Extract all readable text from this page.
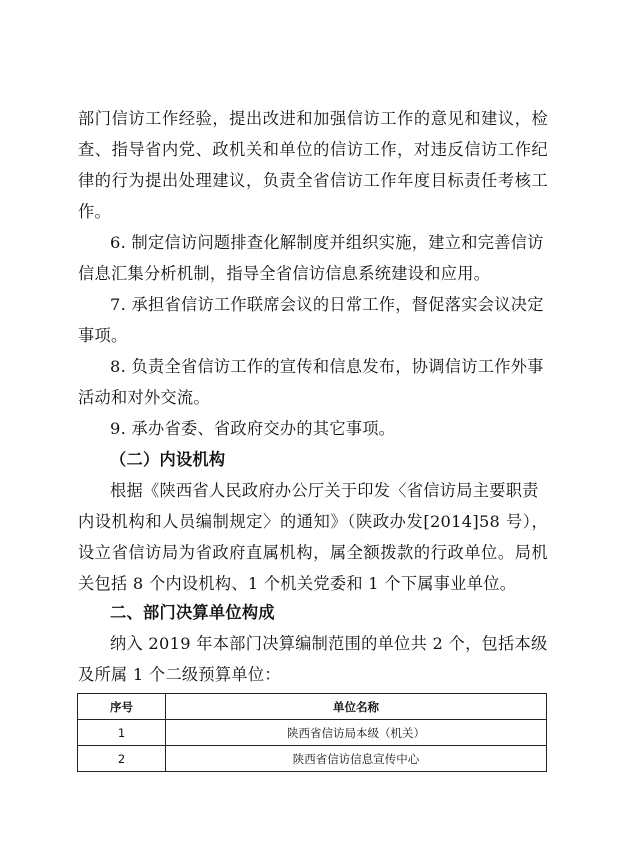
部门信访工作经验，提出改进和加强信访工作的意见和建议，检
查、指导省内党、政机关和单位的信访工作，对违反信访工作纪
律的行为提出处理建议，负责全省信访工作年度目标责任考核工
作。
6. 制定信访问题排查化解制度并组织实施，建立和完善信访
信息汇集分析机制，指导全省信访信息系统建设和应用。
7. 承担省信访工作联席会议的日常工作，督促落实会议决定
事项。
8. 负责全省信访工作的宣传和信息发布，协调信访工作外事
活动和对外交流。
9. 承办省委、省政府交办的其它事项。
（二）内设机构
根据《陕西省人民政府办公厅关于印发〈省信访局主要职责
内设机构和人员编制规定〉的通知》（陕政办发[2014]58 号），
设立省信访局为省政府直属机构，属全额拨款的行政单位。局机
关包括 8 个内设机构、1 个机关党委和 1 个下属事业单位。
二、部门决算单位构成
纳入 2019 年本部门决算编制范围的单位共 2 个，包括本级
及所属 1 个二级预算单位：
序号	单位名称
1	陕西省信访局本级（机关）
2	陕西省信访信息宣传中心
